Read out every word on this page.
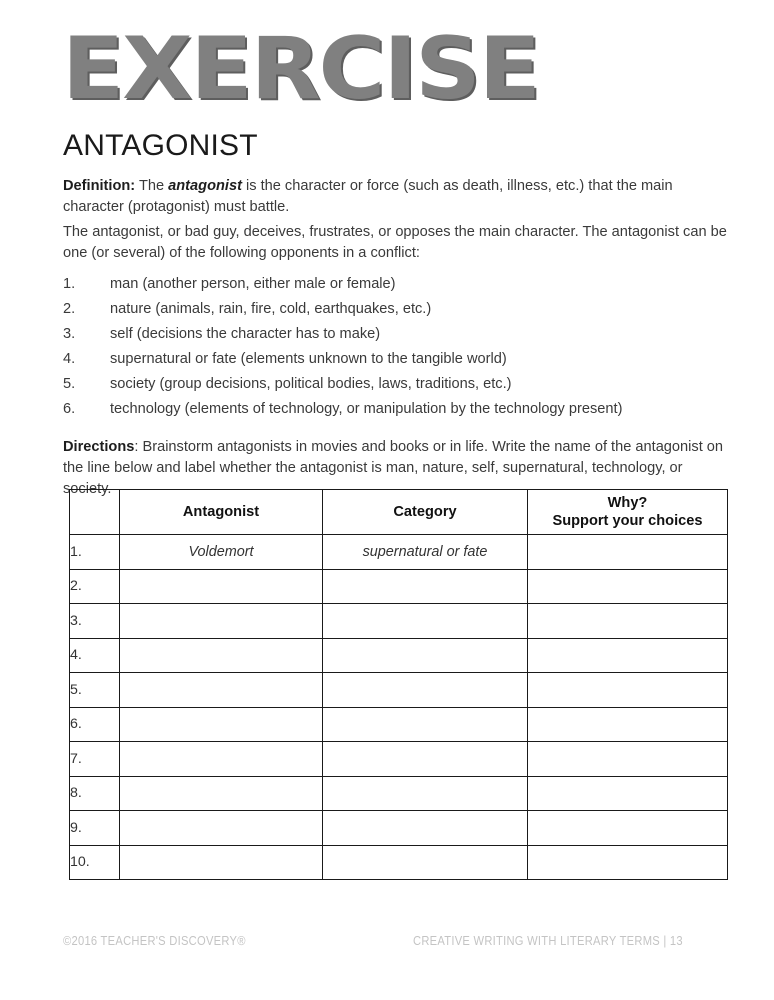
EXERCISE
ANTAGONIST
Definition: The antagonist is the character or force (such as death, illness, etc.) that the main character (protagonist) must battle.
The antagonist, or bad guy, deceives, frustrates, or opposes the main character. The antagonist can be one (or several) of the following opponents in a conflict:
1.	man (another person, either male or female)
2.	nature (animals, rain, fire, cold, earthquakes, etc.)
3.	self (decisions the character has to make)
4.	supernatural or fate (elements unknown to the tangible world)
5.	society (group decisions, political bodies, laws, traditions, etc.)
6.	technology (elements of technology, or manipulation by the technology present)
Directions: Brainstorm antagonists in movies and books or in life. Write the name of the antagonist on the line below and label whether the antagonist is man, nature, self, supernatural, technology, or society.
	Antagonist	Category	Why?
Support your choices

1.	Voldemort	supernatural or fate	
2.			
3.			
4.			
5.			
6.			
7.			
8.			
9.			
10.			
©2016 TEACHER'S DISCOVERY®	CREATIVE WRITING WITH LITERARY TERMS | 13
